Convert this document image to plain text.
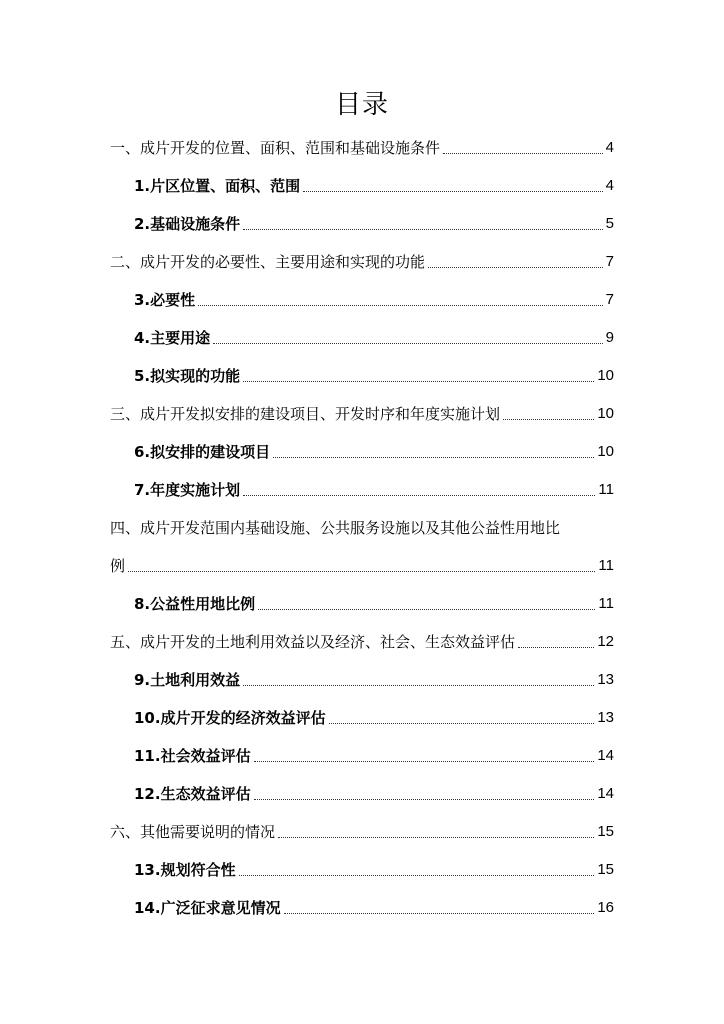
目录
一、成片开发的位置、面积、范围和基础设施条件	4
1.片区位置、面积、范围	4
2.基础设施条件	5
二、成片开发的必要性、主要用途和实现的功能	7
3.必要性	7
4.主要用途	9
5.拟实现的功能	10
三、成片开发拟安排的建设项目、开发时序和年度实施计划	10
6.拟安排的建设项目	10
7.年度实施计划	11
四、成片开发范围内基础设施、公共服务设施以及其他公益性用地比
例	11
8.公益性用地比例	11
五、成片开发的土地利用效益以及经济、社会、生态效益评估	12
9.土地利用效益	13
10.成片开发的经济效益评估	13
11.社会效益评估	14
12.生态效益评估	14
六、其他需要说明的情况	15
13.规划符合性	15
14.广泛征求意见情况	16
